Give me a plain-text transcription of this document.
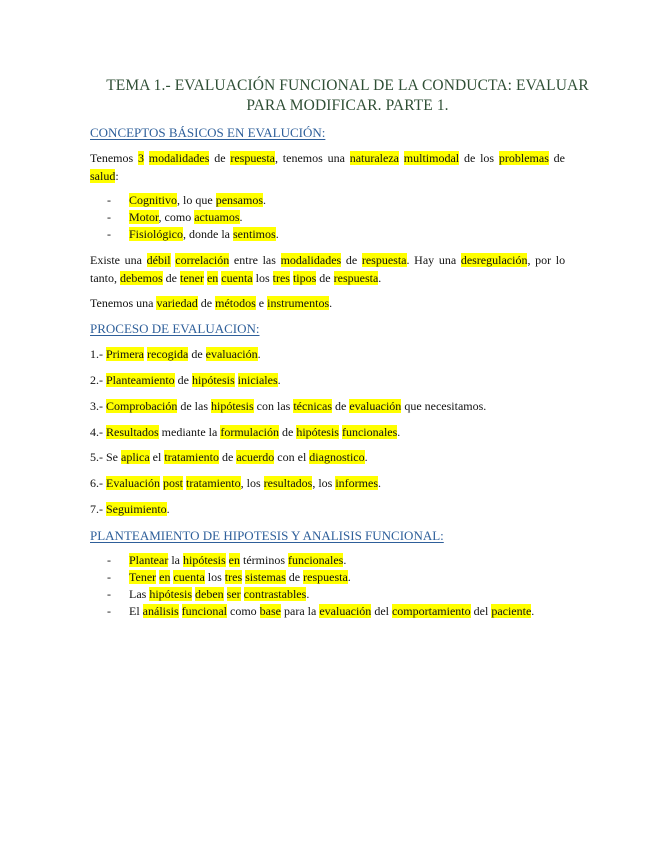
TEMA 1.- EVALUACIÓN FUNCIONAL DE LA CONDUCTA: EVALUAR
PARA MODIFICAR. PARTE 1.
CONCEPTOS BÁSICOS EN EVALUCIÓN:
Tenemos 3 modalidades de respuesta, tenemos una naturaleza multimodal de los problemas de salud:
- Cognitivo, lo que pensamos.
- Motor, como actuamos.
- Fisiológico, donde la sentimos.
Existe una débil correlación entre las modalidades de respuesta. Hay una desregulación, por lo tanto, debemos de tener en cuenta los tres tipos de respuesta.
Tenemos una variedad de métodos e instrumentos.
PROCESO DE EVALUACION:
1.- Primera recogida de evaluación.
2.- Planteamiento de hipótesis iniciales.
3.- Comprobación de las hipótesis con las técnicas de evaluación que necesitamos.
4.- Resultados mediante la formulación de hipótesis funcionales.
5.- Se aplica el tratamiento de acuerdo con el diagnostico.
6.- Evaluación post tratamiento, los resultados, los informes.
7.- Seguimiento.
PLANTEAMIENTO DE HIPOTESIS Y ANALISIS FUNCIONAL:
- Plantear la hipótesis en términos funcionales.
- Tener en cuenta los tres sistemas de respuesta.
- Las hipótesis deben ser contrastables.
- El análisis funcional como base para la evaluación del comportamiento del paciente.
